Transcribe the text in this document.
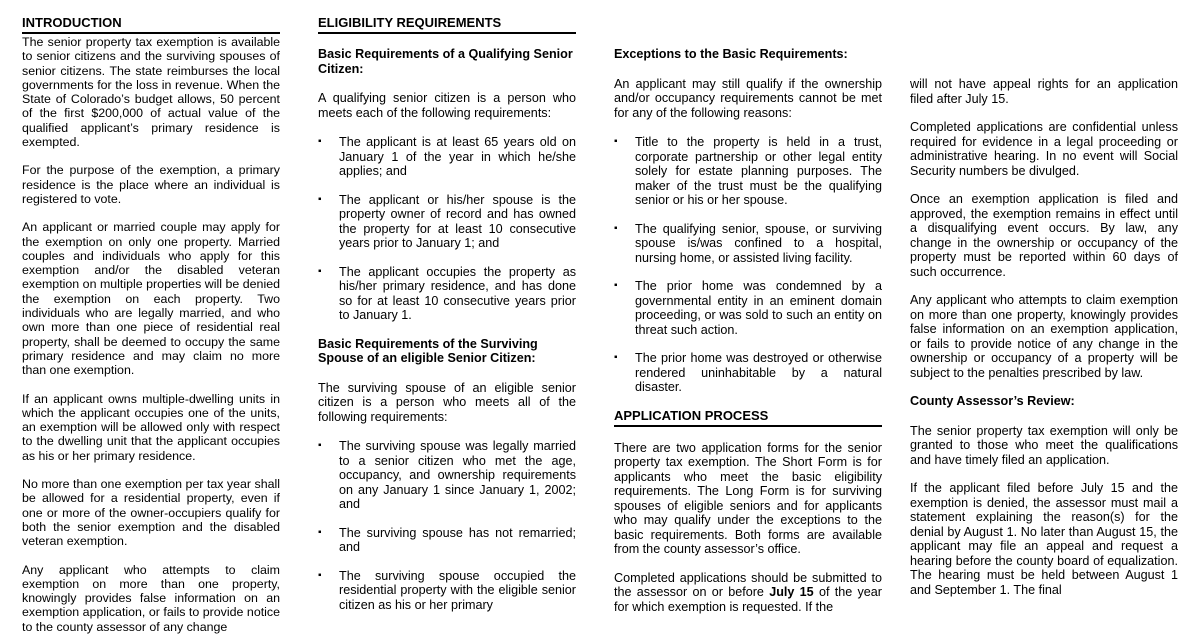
INTRODUCTION

The senior property tax exemption is available to senior citizens and the surviving spouses of senior citizens. The state reimburses the local governments for the loss in revenue. When the State of Colorado’s budget allows, 50 percent of the first $200,000 of actual value of the qualified applicant’s primary residence is exempted.

For the purpose of the exemption, a primary residence is the place where an individual is registered to vote.

An applicant or married couple may apply for the exemption on only one property. Married couples and individuals who apply for this exemption and/or the disabled veteran exemption on multiple properties will be denied the exemption on each property. Two individuals who are legally married, and who own more than one piece of residential real property, shall be deemed to occupy the same primary residence and may claim no more than one exemption.

If an applicant owns multiple-dwelling units in which the applicant occupies one of the units, an exemption will be allowed only with respect to the dwelling unit that the applicant occupies as his or her primary residence.

No more than one exemption per tax year shall be allowed for a residential property, even if one or more of the owner-occupiers qualify for both the senior exemption and the disabled veteran exemption.

Any applicant who attempts to claim exemption on more than one property, knowingly provides false information on an exemption application, or fails to provide notice to the county assessor of any change

ELIGIBILITY REQUIREMENTS
Basic Requirements of a Qualifying Senior Citizen:

A qualifying senior citizen is a person who meets each of the following requirements:

▪ The applicant is at least 65 years old on January 1 of the year in which he/she applies; and
▪ The applicant or his/her spouse is the property owner of record and has owned the property for at least 10 consecutive years prior to January 1; and
▪ The applicant occupies the property as his/her primary residence, and has done so for at least 10 consecutive years prior to January 1.
Basic Requirements of the Surviving Spouse of an eligible Senior Citizen:

The surviving spouse of an eligible senior citizen is a person who meets all of the following requirements:

▪ The surviving spouse was legally married to a senior citizen who met the age, occupancy, and ownership requirements on any January 1 since January 1, 2002; and
▪ The surviving spouse has not remarried; and
▪ The surviving spouse occupied the residential property with the eligible senior citizen as his or her primary
Exceptions to the Basic Requirements:

An applicant may still qualify if the ownership and/or occupancy requirements cannot be met for any of the following reasons:

▪ Title to the property is held in a trust, corporate partnership or other legal entity solely for estate planning purposes. The maker of the trust must be the qualifying senior or his or her spouse.
▪ The qualifying senior, spouse, or surviving spouse is/was confined to a hospital, nursing home, or assisted living facility.
▪ The prior home was condemned by a governmental entity in an eminent domain proceeding, or was sold to such an entity on threat such action.
▪ The prior home was destroyed or otherwise rendered uninhabitable by a natural disaster.
APPLICATION PROCESS

There are two application forms for the senior property tax exemption. The Short Form is for applicants who meet the basic eligibility requirements. The Long Form is for surviving spouses of eligible seniors and for applicants who may qualify under the exceptions to the basic requirements. Both forms are available from the county assessor’s office.

Completed applications should be submitted to the assessor on or before July 15 of the year for which exemption is requested. If the

will not have appeal rights for an application filed after July 15.

Completed applications are confidential unless required for evidence in a legal proceeding or administrative hearing. In no event will Social Security numbers be divulged.

Once an exemption application is filed and approved, the exemption remains in effect until a disqualifying event occurs. By law, any change in the ownership or occupancy of the property must be reported within 60 days of such occurrence.

Any applicant who attempts to claim exemption on more than one property, knowingly provides false information on an exemption application, or fails to provide notice of any change in the ownership or occupancy of a property will be subject to the penalties prescribed by law.

County Assessor’s Review:

The senior property tax exemption will only be granted to those who meet the qualifications and have timely filed an application.

If the applicant filed before July 15 and the exemption is denied, the assessor must mail a statement explaining the reason(s) for the denial by August 1. No later than August 15, the applicant may file an appeal and request a hearing before the county board of equalization. The hearing must be held between August 1 and September 1. The final
